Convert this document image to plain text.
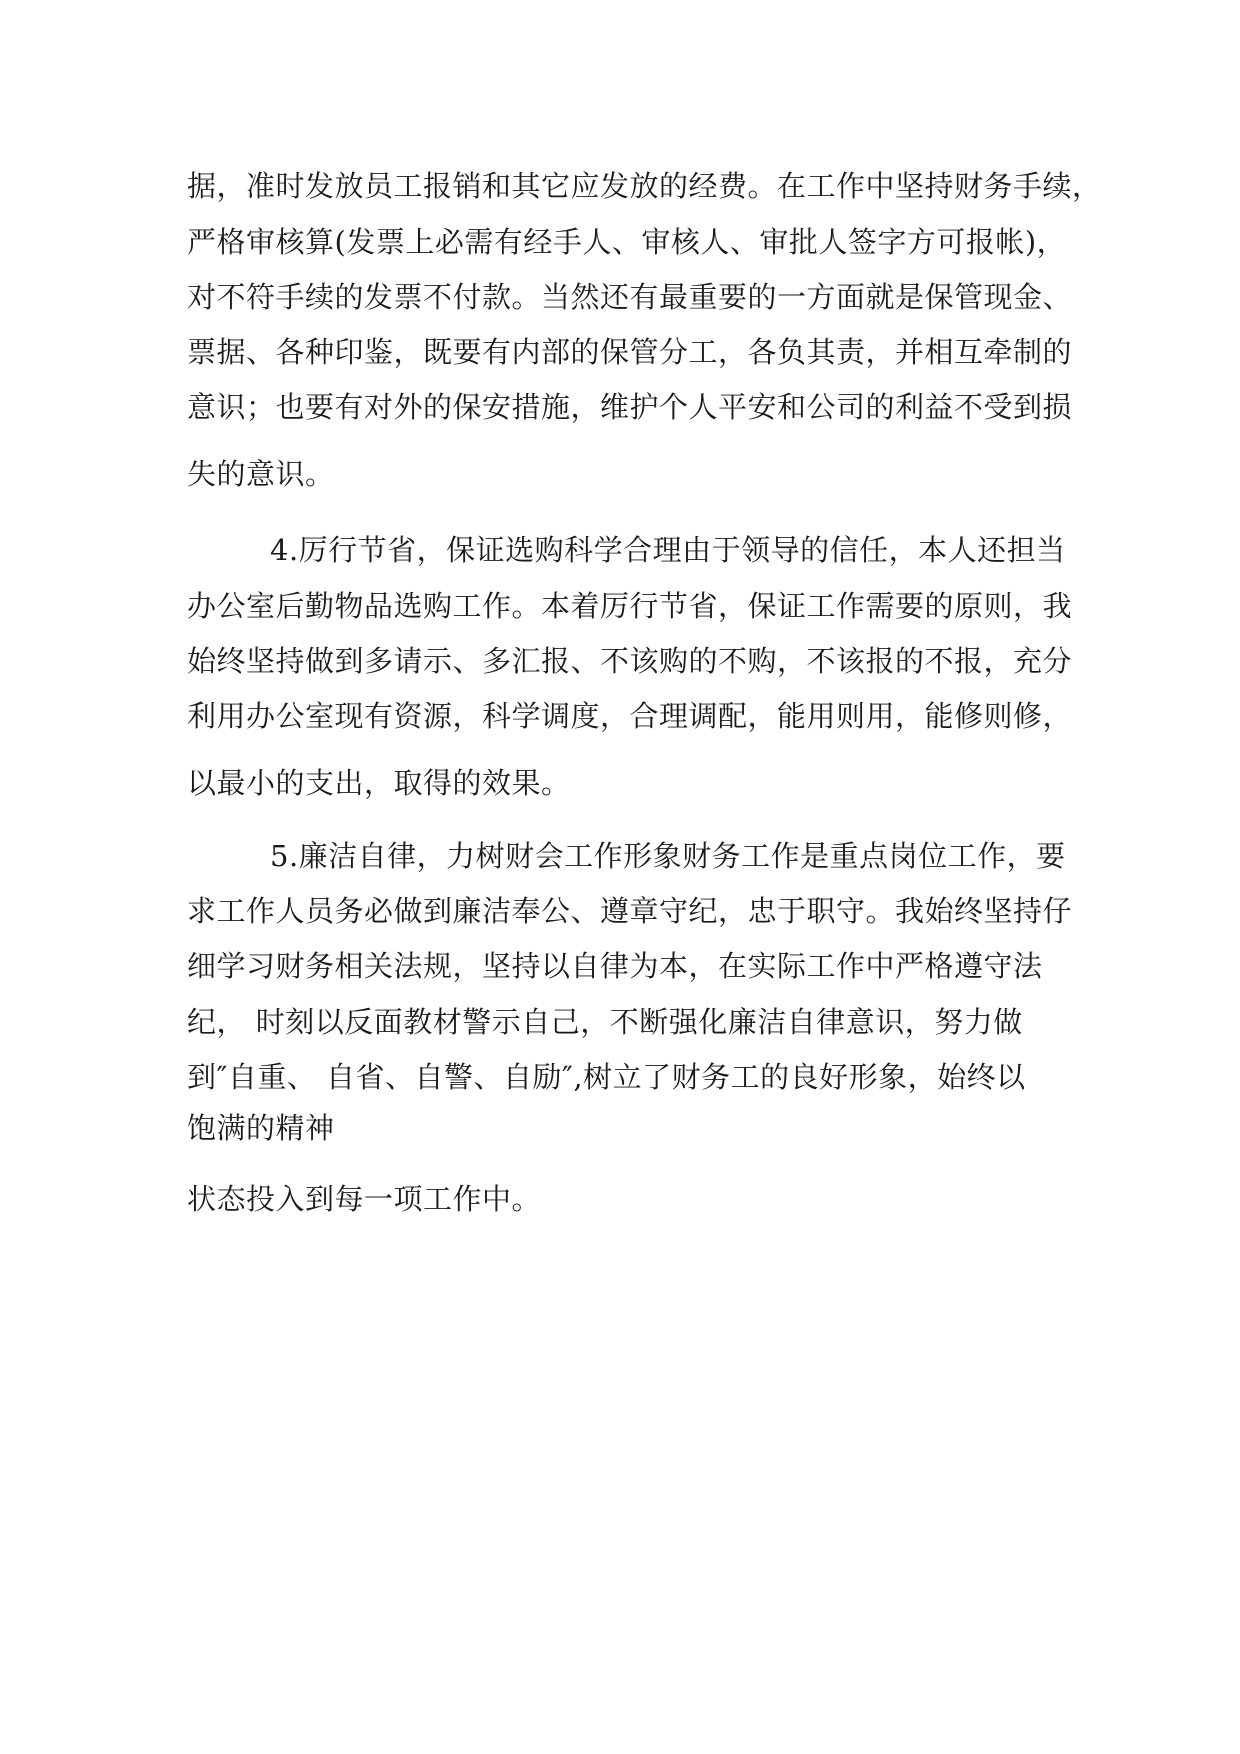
据，准时发放员工报销和其它应发放的经费。在工作中坚持财务手续，
严格审核算(发票上必需有经手人、审核人、审批人签字方可报帐)，
对不符手续的发票不付款。当然还有最重要的一方面就是保管现金、
票据、各种印鉴，既要有内部的保管分工，各负其责，并相互牵制的
意识；也要有对外的保安措施，维护个人平安和公司的利益不受到损
失的意识。
4.厉行节省，保证选购科学合理由于领导的信任，本人还担当
办公室后勤物品选购工作。本着厉行节省，保证工作需要的原则，我
始终坚持做到多请示、多汇报、不该购的不购，不该报的不报，充分
利用办公室现有资源，科学调度，合理调配，能用则用，能修则修，
以最小的支出，取得的效果。
5.廉洁自律，力树财会工作形象财务工作是重点岗位工作，要
求工作人员务必做到廉洁奉公、遵章守纪，忠于职守。我始终坚持仔
细学习财务相关法规，坚持以自律为本，在实际工作中严格遵守法
纪， 时刻以反面教材警示自己，不断强化廉洁自律意识，努力做
到″自重、 自省、自警、自励″,树立了财务工的良好形象，始终以
饱满的精神
状态投入到每一项工作中。
